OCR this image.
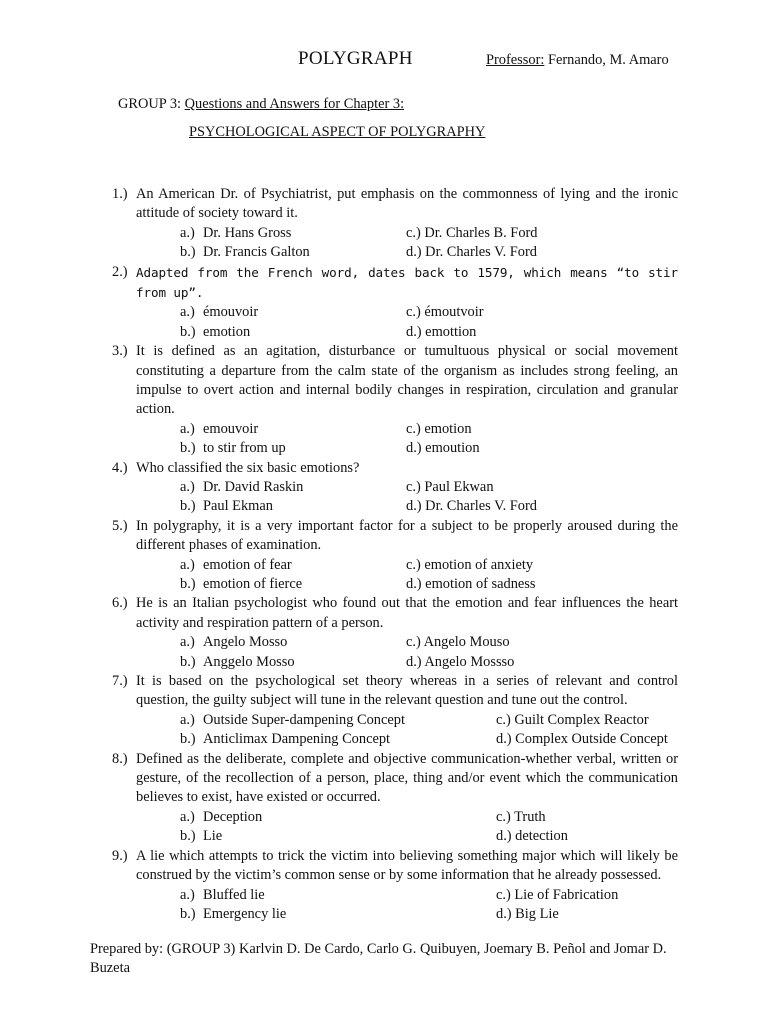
POLYGRAPH	Professor: Fernando, M. Amaro
GROUP 3: Questions and Answers for Chapter 3:
PSYCHOLOGICAL ASPECT OF POLYGRAPHY
1.) An American Dr. of Psychiatrist, put emphasis on the commonness of lying and the ironic attitude of society toward it.
a.) Dr. Hans Gross
b.) Dr. Francis Galton
c.) Dr. Charles B. Ford
d.) Dr. Charles V. Ford
2.) Adapted from the French word, dates back to 1579, which means “to stir from up”.
a.) émouvoir
b.) emotion
c.) émoutvoir
d.) emottion
3.) It is defined as an agitation, disturbance or tumultuous physical or social movement constituting a departure from the calm state of the organism as includes strong feeling, an impulse to overt action and internal bodily changes in respiration, circulation and granular action.
a.) emouvoir
b.) to stir from up
c.) emotion
d.) emoution
4.) Who classified the six basic emotions?
a.) Dr. David Raskin
b.) Paul Ekman
c.) Paul Ekwan
d.) Dr. Charles V. Ford
5.) In polygraphy, it is a very important factor for a subject to be properly aroused during the different phases of examination.
a.) emotion of fear
b.) emotion of fierce
c.) emotion of anxiety
d.) emotion of sadness
6.) He is an Italian psychologist who found out that the emotion and fear influences the heart activity and respiration pattern of a person.
a.) Angelo Mosso
b.) Anggelo Mosso
c.) Angelo Mouso
d.) Angelo Mossso
7.) It is based on the psychological set theory whereas in a series of relevant and control question, the guilty subject will tune in the relevant question and tune out the control.
a.) Outside Super-dampening Concept
b.) Anticlimax Dampening Concept
c.) Guilt Complex Reactor
d.) Complex Outside Concept
8.) Defined as the deliberate, complete and objective communication-whether verbal, written or gesture, of the recollection of a person, place, thing and/or event which the communication believes to exist, have existed or occurred.
a.) Deception
b.) Lie
c.) Truth
d.) detection
9.) A lie which attempts to trick the victim into believing something major which will likely be construed by the victim’s common sense or by some information that he already possessed.
a.) Bluffed lie
b.) Emergency lie
c.) Lie of Fabrication
d.) Big Lie
Prepared by: (GROUP 3) Karlvin D. De Cardo, Carlo G. Quibuyen, Joemary B. Peñol and Jomar D. Buzeta
